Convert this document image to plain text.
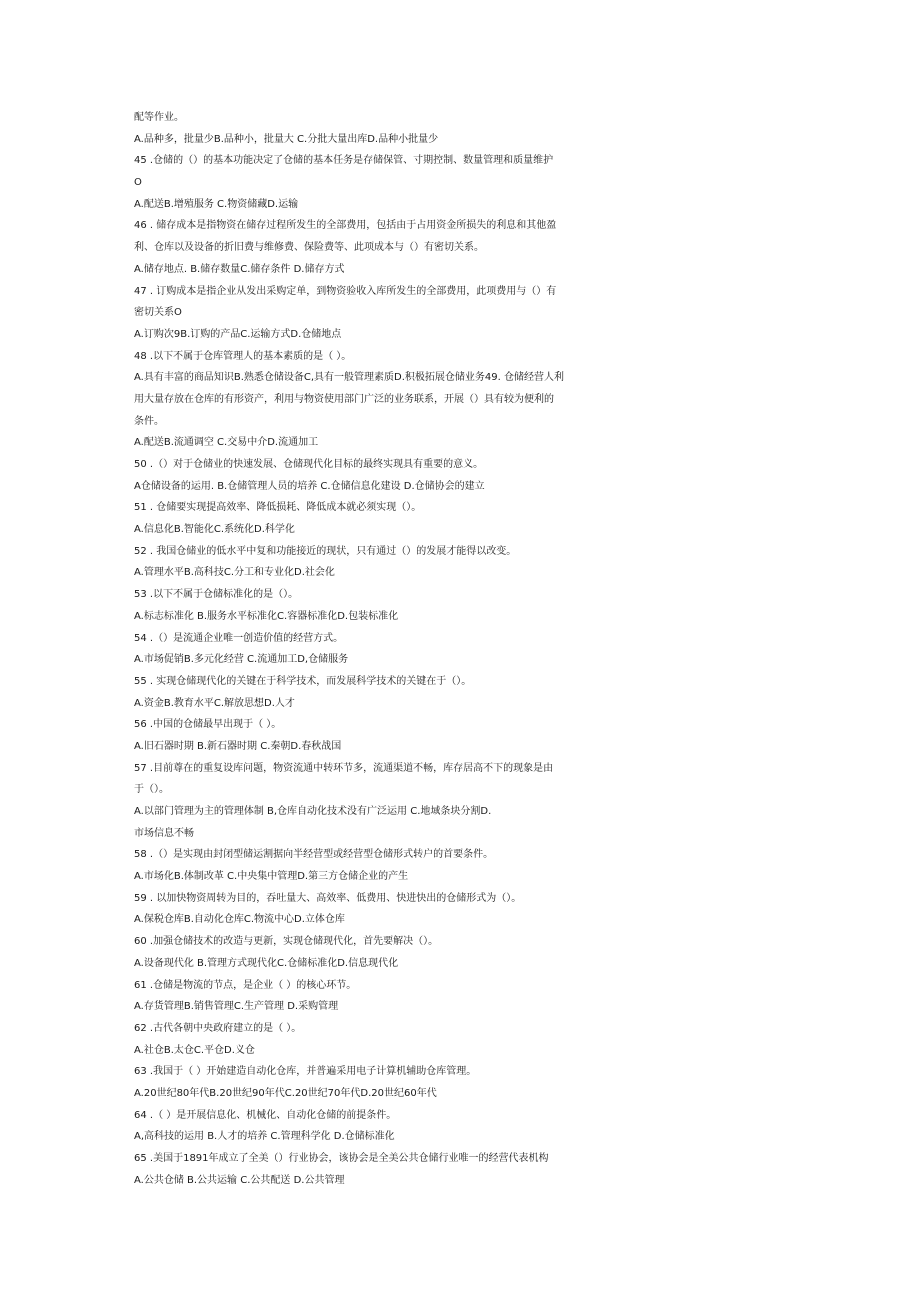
配等作业。
A.品种多，批量少B.品种小，批量大 C.分批大量出库D.品种小批量少
45 .仓储的（）的基本功能决定了仓储的基本任务是存储保管、寸期控制、数量管理和质量维护
O
A.配送B.增殖服务 C.物资储藏D.运输
46 . 储存成本是指物资在储存过程所发生的全部费用，包括由于占用资金所损失的利息和其他盈
利、仓库以及设备的折旧费与维修费、保险费等、此项成本与（）有密切关系。
A.储存地点. B.储存数量C.储存条件 D.储存方式
47 . 订购成本是指企业从发出采购定单，到物资验收入库所发生的全部费用，此项费用与（）有
密切关系O
A.订购次9B.订购的产品C.运输方式D.仓储地点
48 .以下不属于仓库管理人的基本素质的是（ ）。
A.具有丰富的商品知识B.熟悉仓储设备C,具有一般管理素质D.积极拓展仓储业务49. 仓储经营人利
用大量存放在仓库的有形资产，利用与物资使用部门广泛的业务联系，开展（）具有较为便利的
条件。
A.配送B.流通调空 C.交易中介D.流通加工
50 .（）对于仓储业的快速发展、仓储现代化目标的最终实现具有重要的意义。
A仓储设备的运用. B.仓储管理人员的培养 C.仓储信息化建设 D.仓储协会的建立
51 . 仓储要实现提高效率、降低损耗、降低成本就必须实现（）。
A.信息化B.智能化C.系统化D.科学化
52 . 我国仓储业的低水平中复和功能接近的现状，只有通过（）的发展才能得以改变。
A.管理水平B.高科技C.分工和专业化D.社会化
53 .以下不属于仓储标准化的是（）。
A.标志标准化 B.服务水平标准化C.容器标准化D.包装标准化
54 .（）是流通企业唯一创造价值的经营方式。
A.市场促销B.多元化经营 C.流通加工D,仓储服务
55 . 实现仓储现代化的关键在于科学技术，而发展科学技术的关键在于（）。
A.资金B.教育水平C.解放思想D.人才
56 .中国的仓储最早出现于（ ）。
A.旧石器时期 B.新石器时期 C.秦朝D.春秋战国
57 .目前尊在的重复设库问题，物资流通中转环节多，流通渠道不畅，库存居高不下的现象是由
于（）。
A.以部门管理为主的管理体制 B,仓库自动化技术没有广泛运用 C.地域条块分割D.
市场信息不畅
58 .（）是实现由封闭型储运割据向半经营型或经营型仓储形式转户的首要条件。
A.市场化B.体制改革 C.中央集中管理D.第三方仓储企业的产生
59 . 以加快物资周转为目的，吞吐量大、高效率、低费用、快进快出的仓储形式为（）。
A.保税仓库B.自动化仓库C.物流中心D.立体仓库
60 .加强仓储技术的改造与更新，实现仓储现代化，首先要解决（）。
A.设备现代化 B.管理方式现代化C.仓储标准化D.信息现代化
61 .仓储是物流的节点，是企业（ ）的核心环节。
A.存货管理B.销售管理C.生产管理 D.采购管理
62 .古代各朝中央政府建立的是（ ）。
A.社仓B.太仓C.平仓D.义仓
63 .我国于（ ）开始建造自动化仓库，并普遍采用电子计算机辅助仓库管理。
A.20世纪80年代B.20世纪90年代C.20世纪70年代D.20世纪60年代
64 .（ ）是开展信息化、机械化、自动化仓储的前提条件。
A,高科技的运用 B.人才的培养 C.管理科学化 D.仓储标准化
65 .美国于1891年成立了全美（）行业协会，该协会是全美公共仓储行业唯一的经营代表机构
A.公共仓储 B.公共运输 C.公共配送 D.公共管理
